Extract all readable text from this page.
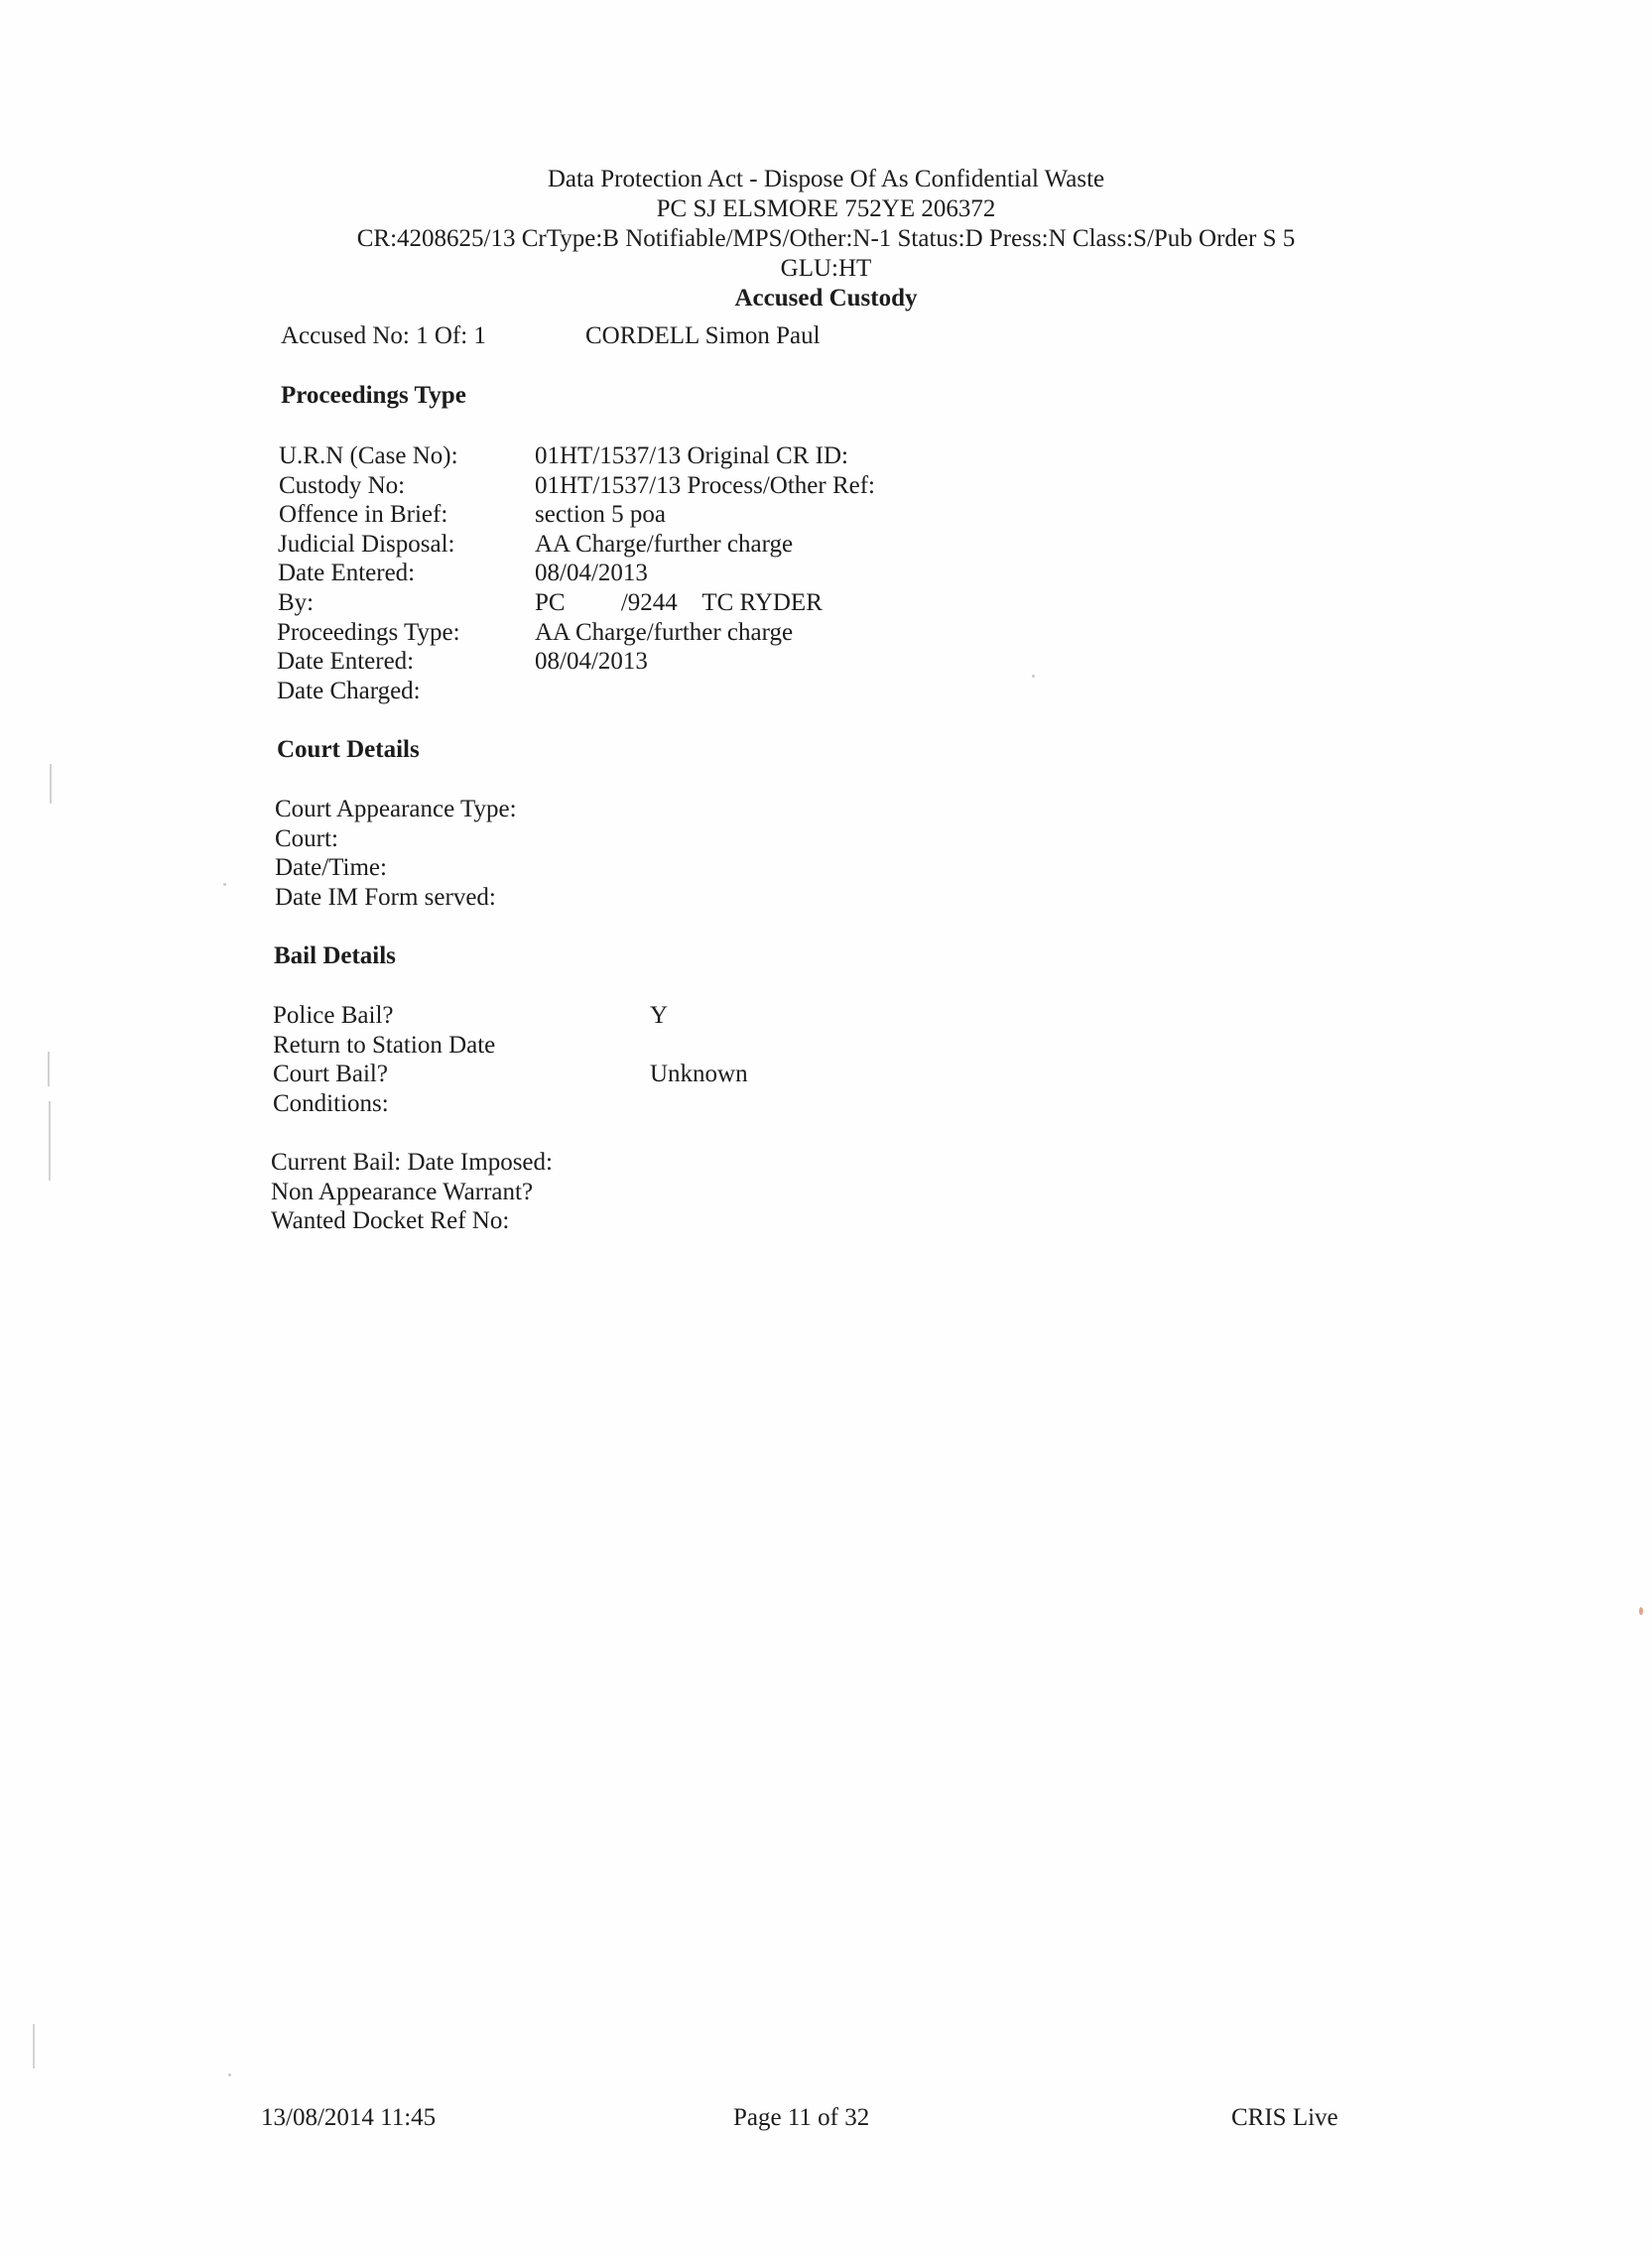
Data Protection Act - Dispose Of As Confidential Waste
PC SJ ELSMORE 752YE 206372
CR:4208625/13 CrType:B Notifiable/MPS/Other:N-1 Status:D Press:N Class:S/Pub Order S 5
GLU:HT
Accused Custody
Accused No: 1 Of: 1	CORDELL Simon Paul
Proceedings Type
U.R.N (Case No):	01HT/1537/13 Original CR ID:
Custody No:	01HT/1537/13 Process/Other Ref:
Offence in Brief:	section 5 poa
Judicial Disposal:	AA Charge/further charge
Date Entered:	08/04/2013
By:	PC         /9244    TC RYDER
Proceedings Type:	AA Charge/further charge
Date Entered:	08/04/2013
Date Charged:
Court Details
Court Appearance Type:
Court:
Date/Time:
Date IM Form served:
Bail Details
Police Bail?	Y
Return to Station Date
Court Bail?	Unknown
Conditions:
Current Bail: Date Imposed:
Non Appearance Warrant?
Wanted Docket Ref No:
13/08/2014 11:45	Page 11 of 32	CRIS Live
